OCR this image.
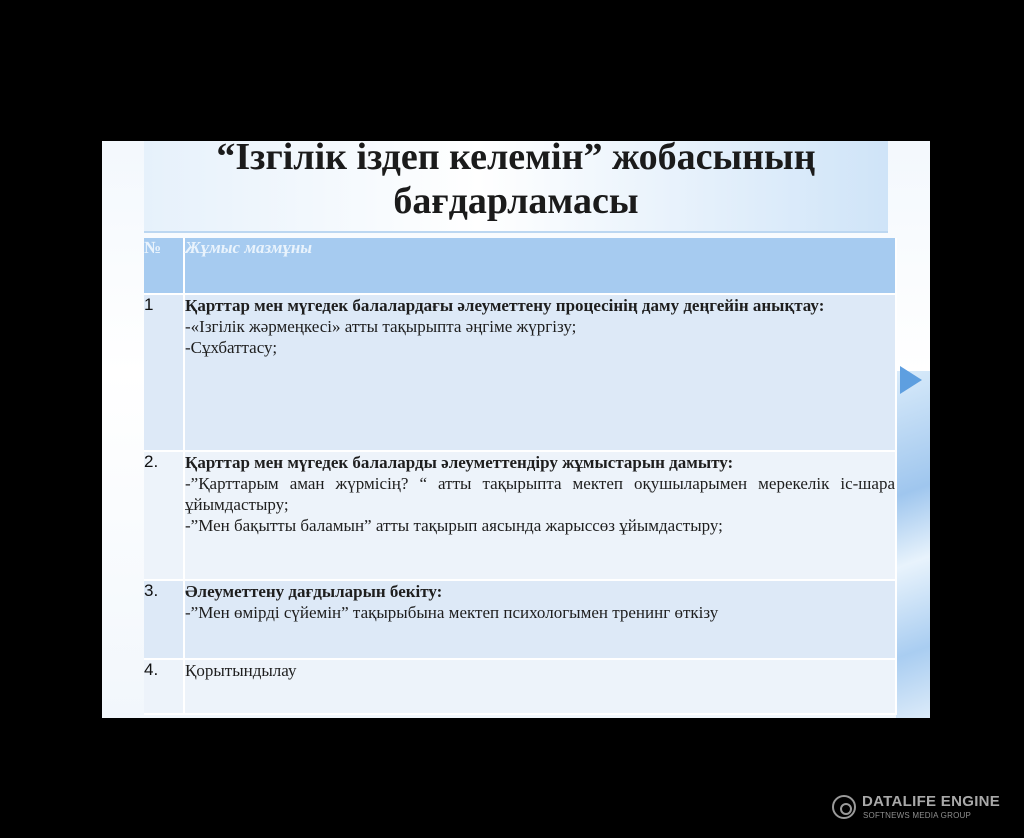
“Ізгілік іздеп келемін” жобасының
бағдарламасы
№	Жұмыс мазмұны
1	Қарттар мен мүгедек балалардағы әлеуметтену процесінің даму деңгейін анықтау:
-«Ізгілік жәрмеңкесі» атты тақырыпта әңгіме жүргізу;
-Сұхбаттасу;

2.	Қарттар мен мүгедек балаларды әлеуметтендіру жұмыстарын дамыту:
-”Қарттарым аман жүрмісің? “ атты тақырыпта мектеп оқушыларымен мерекелік іс-шара ұйымдастыру;
-”Мен бақытты баламын” атты тақырып аясында жарыссөз ұйымдастыру;

3.	Әлеуметтену дағдыларын бекіту:
-”Мен өмірді сүйемін” тақырыбына мектеп психологымен тренинг өткізу

4.	Қорытындылау
DATALIFE ENGINE
SOFTNEWS MEDIA GROUP
